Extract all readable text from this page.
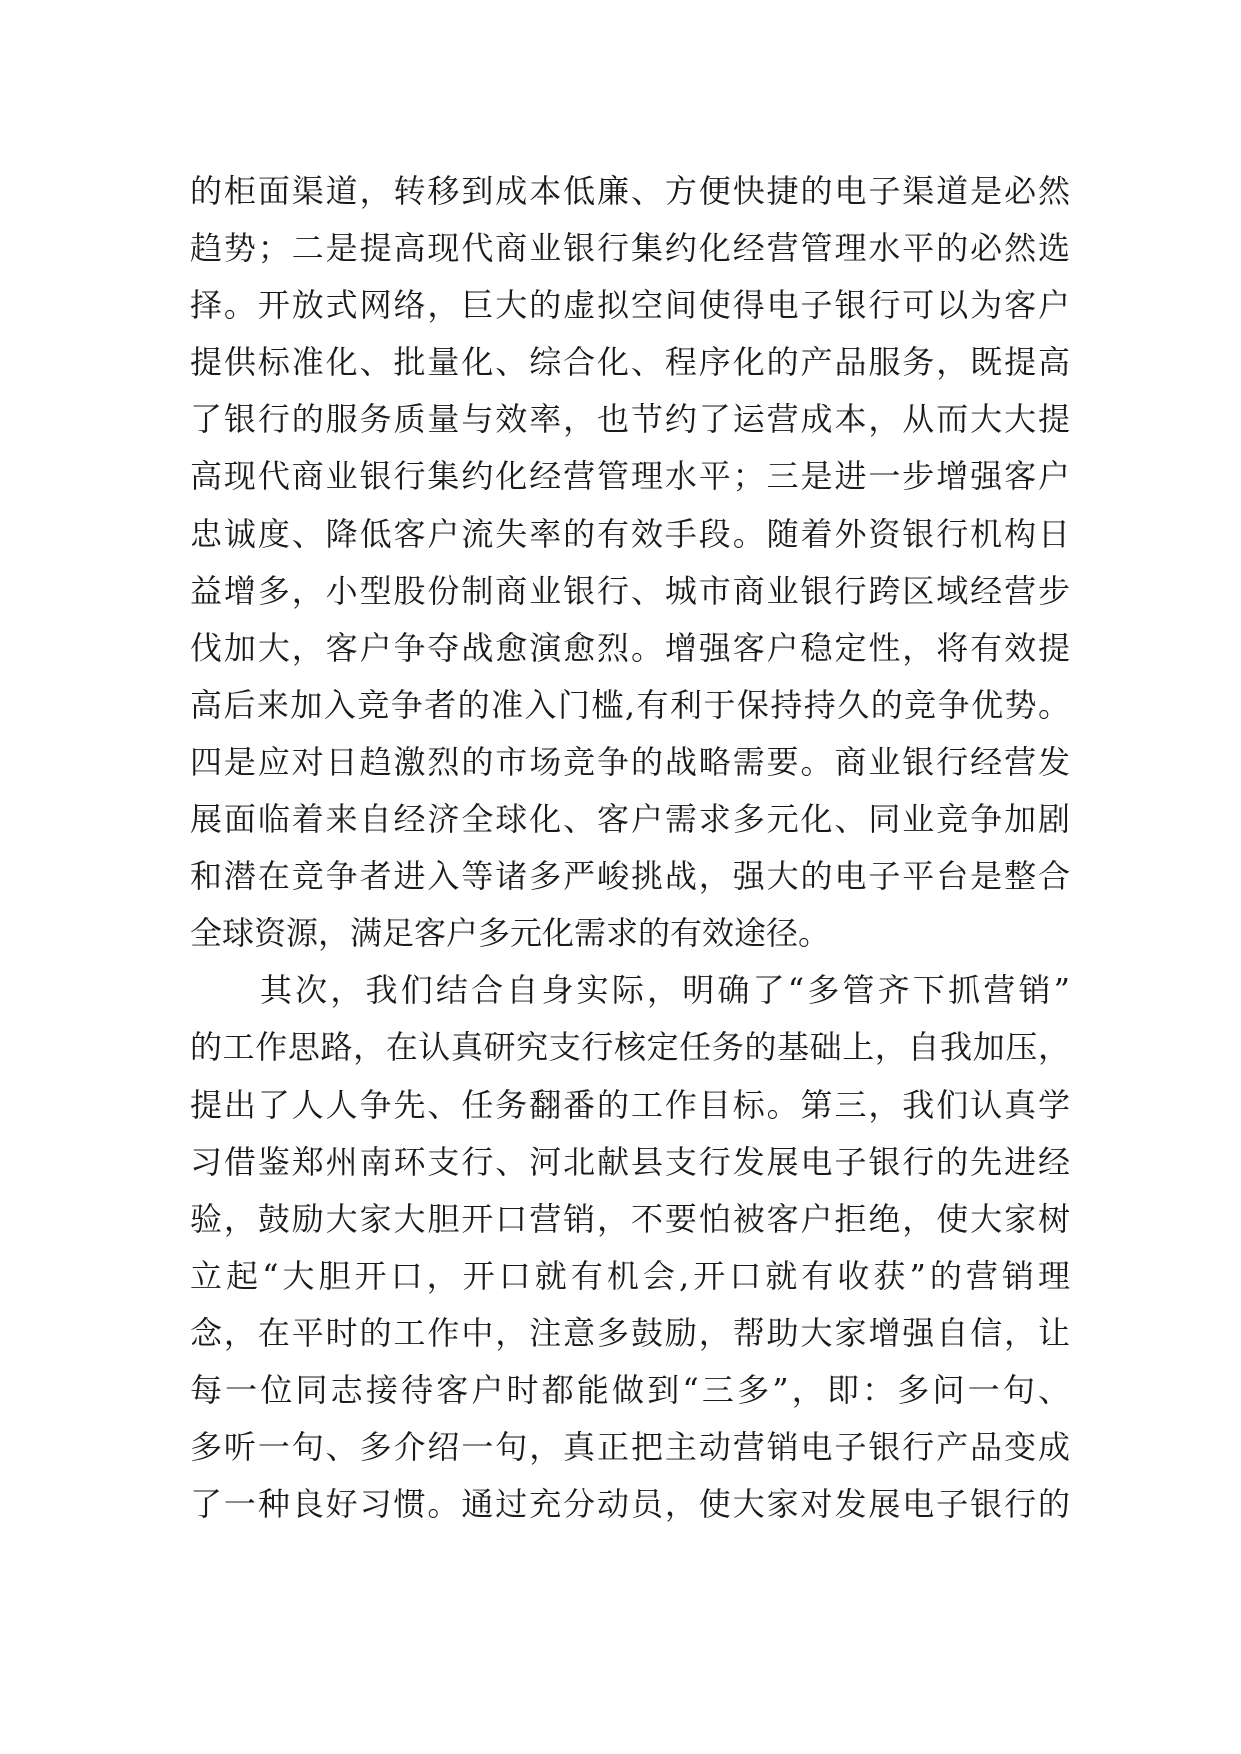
的柜面渠道，转移到成本低廉、方便快捷的电子渠道是必然
趋势；二是提高现代商业银行集约化经营管理水平的必然选
择。开放式网络，巨大的虚拟空间使得电子银行可以为客户
提供标准化、批量化、综合化、程序化的产品服务，既提高
了银行的服务质量与效率，也节约了运营成本，从而大大提
高现代商业银行集约化经营管理水平；三是进一步增强客户
忠诚度、降低客户流失率的有效手段。随着外资银行机构日
益增多，小型股份制商业银行、城市商业银行跨区域经营步
伐加大，客户争夺战愈演愈烈。增强客户稳定性，将有效提
高后来加入竞争者的准入门槛,有利于保持持久的竞争优势。
四是应对日趋激烈的市场竞争的战略需要。商业银行经营发
展面临着来自经济全球化、客户需求多元化、同业竞争加剧
和潜在竞争者进入等诸多严峻挑战，强大的电子平台是整合
全球资源，满足客户多元化需求的有效途径。
其次，我们结合自身实际，明确了“多管齐下抓营销”
的工作思路，在认真研究支行核定任务的基础上，自我加压，
提出了人人争先、任务翻番的工作目标。第三，我们认真学
习借鉴郑州南环支行、河北献县支行发展电子银行的先进经
验，鼓励大家大胆开口营销，不要怕被客户拒绝，使大家树
立起“大胆开口，开口就有机会,开口就有收获”的营销理
念，在平时的工作中，注意多鼓励，帮助大家增强自信，让
每一位同志接待客户时都能做到“三多”，即：多问一句、
多听一句、多介绍一句，真正把主动营销电子银行产品变成
了一种良好习惯。通过充分动员，使大家对发展电子银行的
